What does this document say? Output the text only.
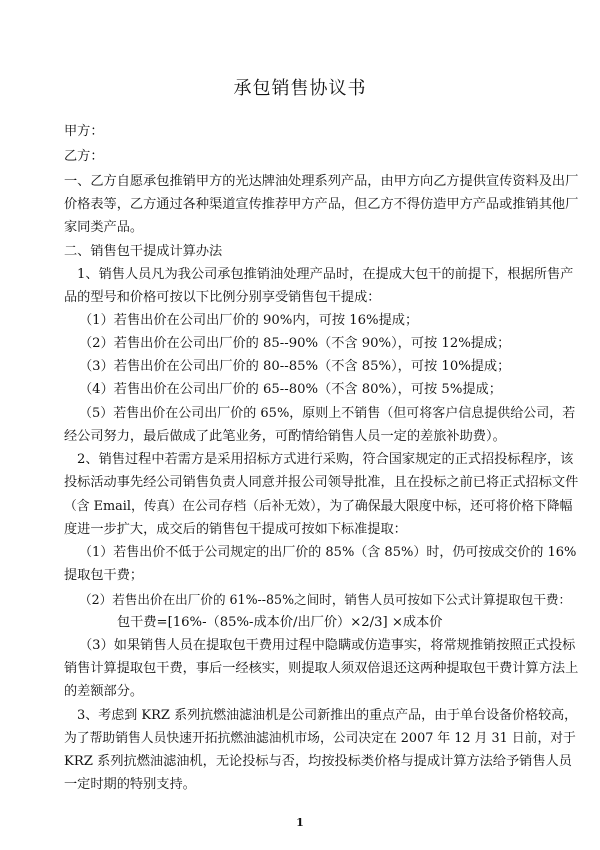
承包销售协议书
甲方：
乙方：
一、乙方自愿承包推销甲方的光达牌油处理系列产品，由甲方向乙方提供宣传资料及出厂
价格表等，乙方通过各种渠道宣传推荐甲方产品，但乙方不得仿造甲方产品或推销其他厂
家同类产品。
二、销售包干提成计算办法
1、销售人员凡为我公司承包推销油处理产品时，在提成大包干的前提下，根据所售产
品的型号和价格可按以下比例分别享受销售包干提成：
（1）若售出价在公司出厂价的 90%内，可按 16%提成；
（2）若售出价在公司出厂价的 85--90%（不含 90%），可按 12%提成；
（3）若售出价在公司出厂价的 80--85%（不含 85%），可按 10%提成；
（4）若售出价在公司出厂价的 65--80%（不含 80%），可按 5%提成；
（5）若售出价在公司出厂价的 65%，原则上不销售（但可将客户信息提供给公司，若
经公司努力，最后做成了此笔业务，可酌情给销售人员一定的差旅补助费）。
2、销售过程中若需方是采用招标方式进行采购，符合国家规定的正式招投标程序，该
投标活动事先经公司销售负责人同意并报公司领导批准，且在投标之前已将正式招标文件
（含 Email，传真）在公司存档（后补无效），为了确保最大限度中标，还可将价格下降幅
度进一步扩大，成交后的销售包干提成可按如下标准提取：
（1）若售出价不低于公司规定的出厂价的 85%（含 85%）时，仍可按成交价的 16%
提取包干费；
（2）若售出价在出厂价的 61%--85%之间时，销售人员可按如下公式计算提取包干费：
包干费=[16%-（85%-成本价/出厂价）×2/3] ×成本价
（3）如果销售人员在提取包干费用过程中隐瞒或仿造事实，将常规推销按照正式投标
销售计算提取包干费，事后一经核实，则提取人须双倍退还这两种提取包干费计算方法上
的差额部分。
3、考虑到 KRZ 系列抗燃油滤油机是公司新推出的重点产品，由于单台设备价格较高，
为了帮助销售人员快速开拓抗燃油滤油机市场，公司决定在 2007 年 12 月 31 日前，对于
KRZ 系列抗燃油滤油机，无论投标与否，均按投标类价格与提成计算方法给予销售人员
一定时期的特别支持。
1
